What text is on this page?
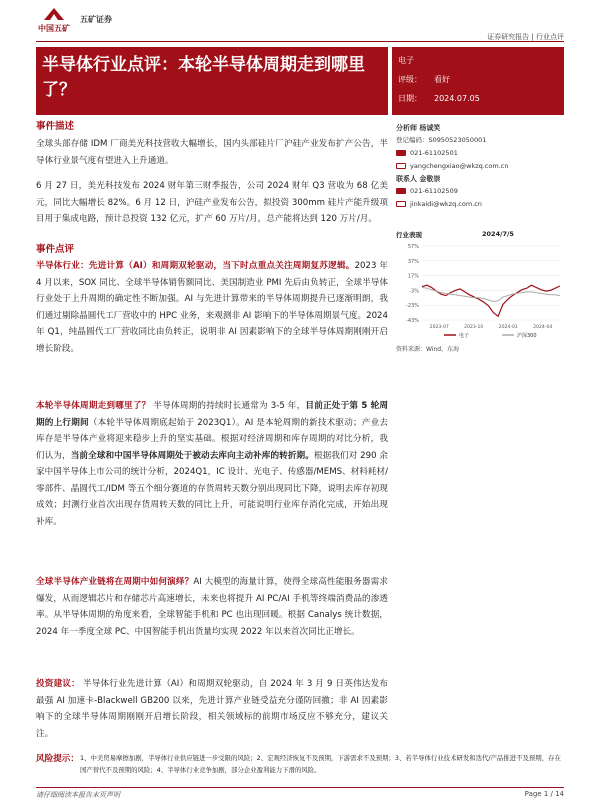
中国五矿
五矿证券
证券研究报告 | 行业点评
半导体行业点评：本轮半导体周期走到哪里了？
电子
评级： 看好
日期： 2024.07.05
分析师 杨诚笑
登记编码：S0950523050001
021-61102501
yangchengxiao@wkzq.com.cn
联系人 金敬崇
021-61102509
jinkaidi@wkzq.com.cn
行业表现	2024/7/5
57%
37%
17%
-3%
-23%
-43%
2023-07	2023-10	2024-01	2024-04
电子	沪深300
资料来源：Wind，东海
事件描述
全球头部存储 IDM 厂商美光科技营收大幅增长，国内头部硅片厂沪硅产业发布扩产公告，半导体行业景气度有望进入上升通道。
6 月 27 日，美光科技发布 2024 财年第三财季报告，公司 2024 财年 Q3 营收为 68 亿美元，同比大幅增长 82%。6 月 12 日，沪硅产业发布公告，拟投资 300mm 硅片产能升级项目用于集成电路，预计总投资 132 亿元，扩产 60 万片/月，总产能将达到 120 万片/月。
事件点评
半导体行业：先进计算（AI）和周期双轮驱动，当下时点重点关注周期复苏逻辑。2023 年 4 月以来，SOX 同比、全球半导体销售额同比、美国制造业 PMI 先后由负转正，全球半导体行业处于上升周期的确定性不断加强。AI 与先进计算带来的半导体周期提升已逐渐明朗，我们通过剔除晶圆代工厂营收中的 HPC 业务，来观测非 AI 影响下的半导体周期景气度。2024 年 Q1，纯晶圆代工厂营收同比由负转正，说明非 AI 因素影响下的全球半导体周期刚刚开启增长阶段。
本轮半导体周期走到哪里了？ 半导体周期的持续时长通常为 3-5 年，目前正处于第 5 轮周期的上行期间（本轮半导体周期底起始于 2023Q1）。AI 是本轮周期的新技术驱动；产业去库存是半导体产业将迎来稳步上升的坚实基础。根据对经济周期和库存周期的对比分析，我们认为，当前全球和中国半导体周期处于被动去库向主动补库的转折期。根据我们对 290 余家中国半导体上市公司的统计分析，2024Q1，IC 设计、光电子、传感器/MEMS、材料耗材/零部件、晶圆代工/IDM 等五个细分赛道的存货周转天数分别出现同比下降，说明去库存初现成效；封测行业首次出现存货周转天数的同比上升，可能说明行业库存消化完成，开始出现补库。
全球半导体产业链将在周期中如何演绎？AI 大模型的海量计算，使得全球高性能服务器需求爆发，从而逻辑芯片和存储芯片高速增长，未来也将提升 AI PC/AI 手机等终端消费品的渗透率。从半导体周期的角度来看，全球智能手机和 PC 也出现回暖。根据 Canalys 统计数据，2024 年一季度全球 PC、中国智能手机出货量均实现 2022 年以来首次同比正增长。
投资建议： 半导体行业先进计算（AI）和周期双轮驱动，自 2024 年 3 月 9 日英伟达发布最强 AI 加速卡-Blackwell GB200 以来，先进计算产业链受益充分谨防回撤；非 AI 因素影响下的全球半导体周期刚刚开启增长阶段，相关领域标的前期市场反应不够充分，建议关注。
风险提示： 1、中美贸易摩擦加剧，半导体行业供应链进一步受限的风险；2、宏观经济恢复不及预期，下游需求不及预期；3、若半导体行业技术研发和迭代/产品推进不及预期，存在国产替代不及预期的风险；4、半导体行业竞争加剧，部分企业盈利能力下滑的风险。
请仔细阅读本报告末页声明	Page 1 / 14
